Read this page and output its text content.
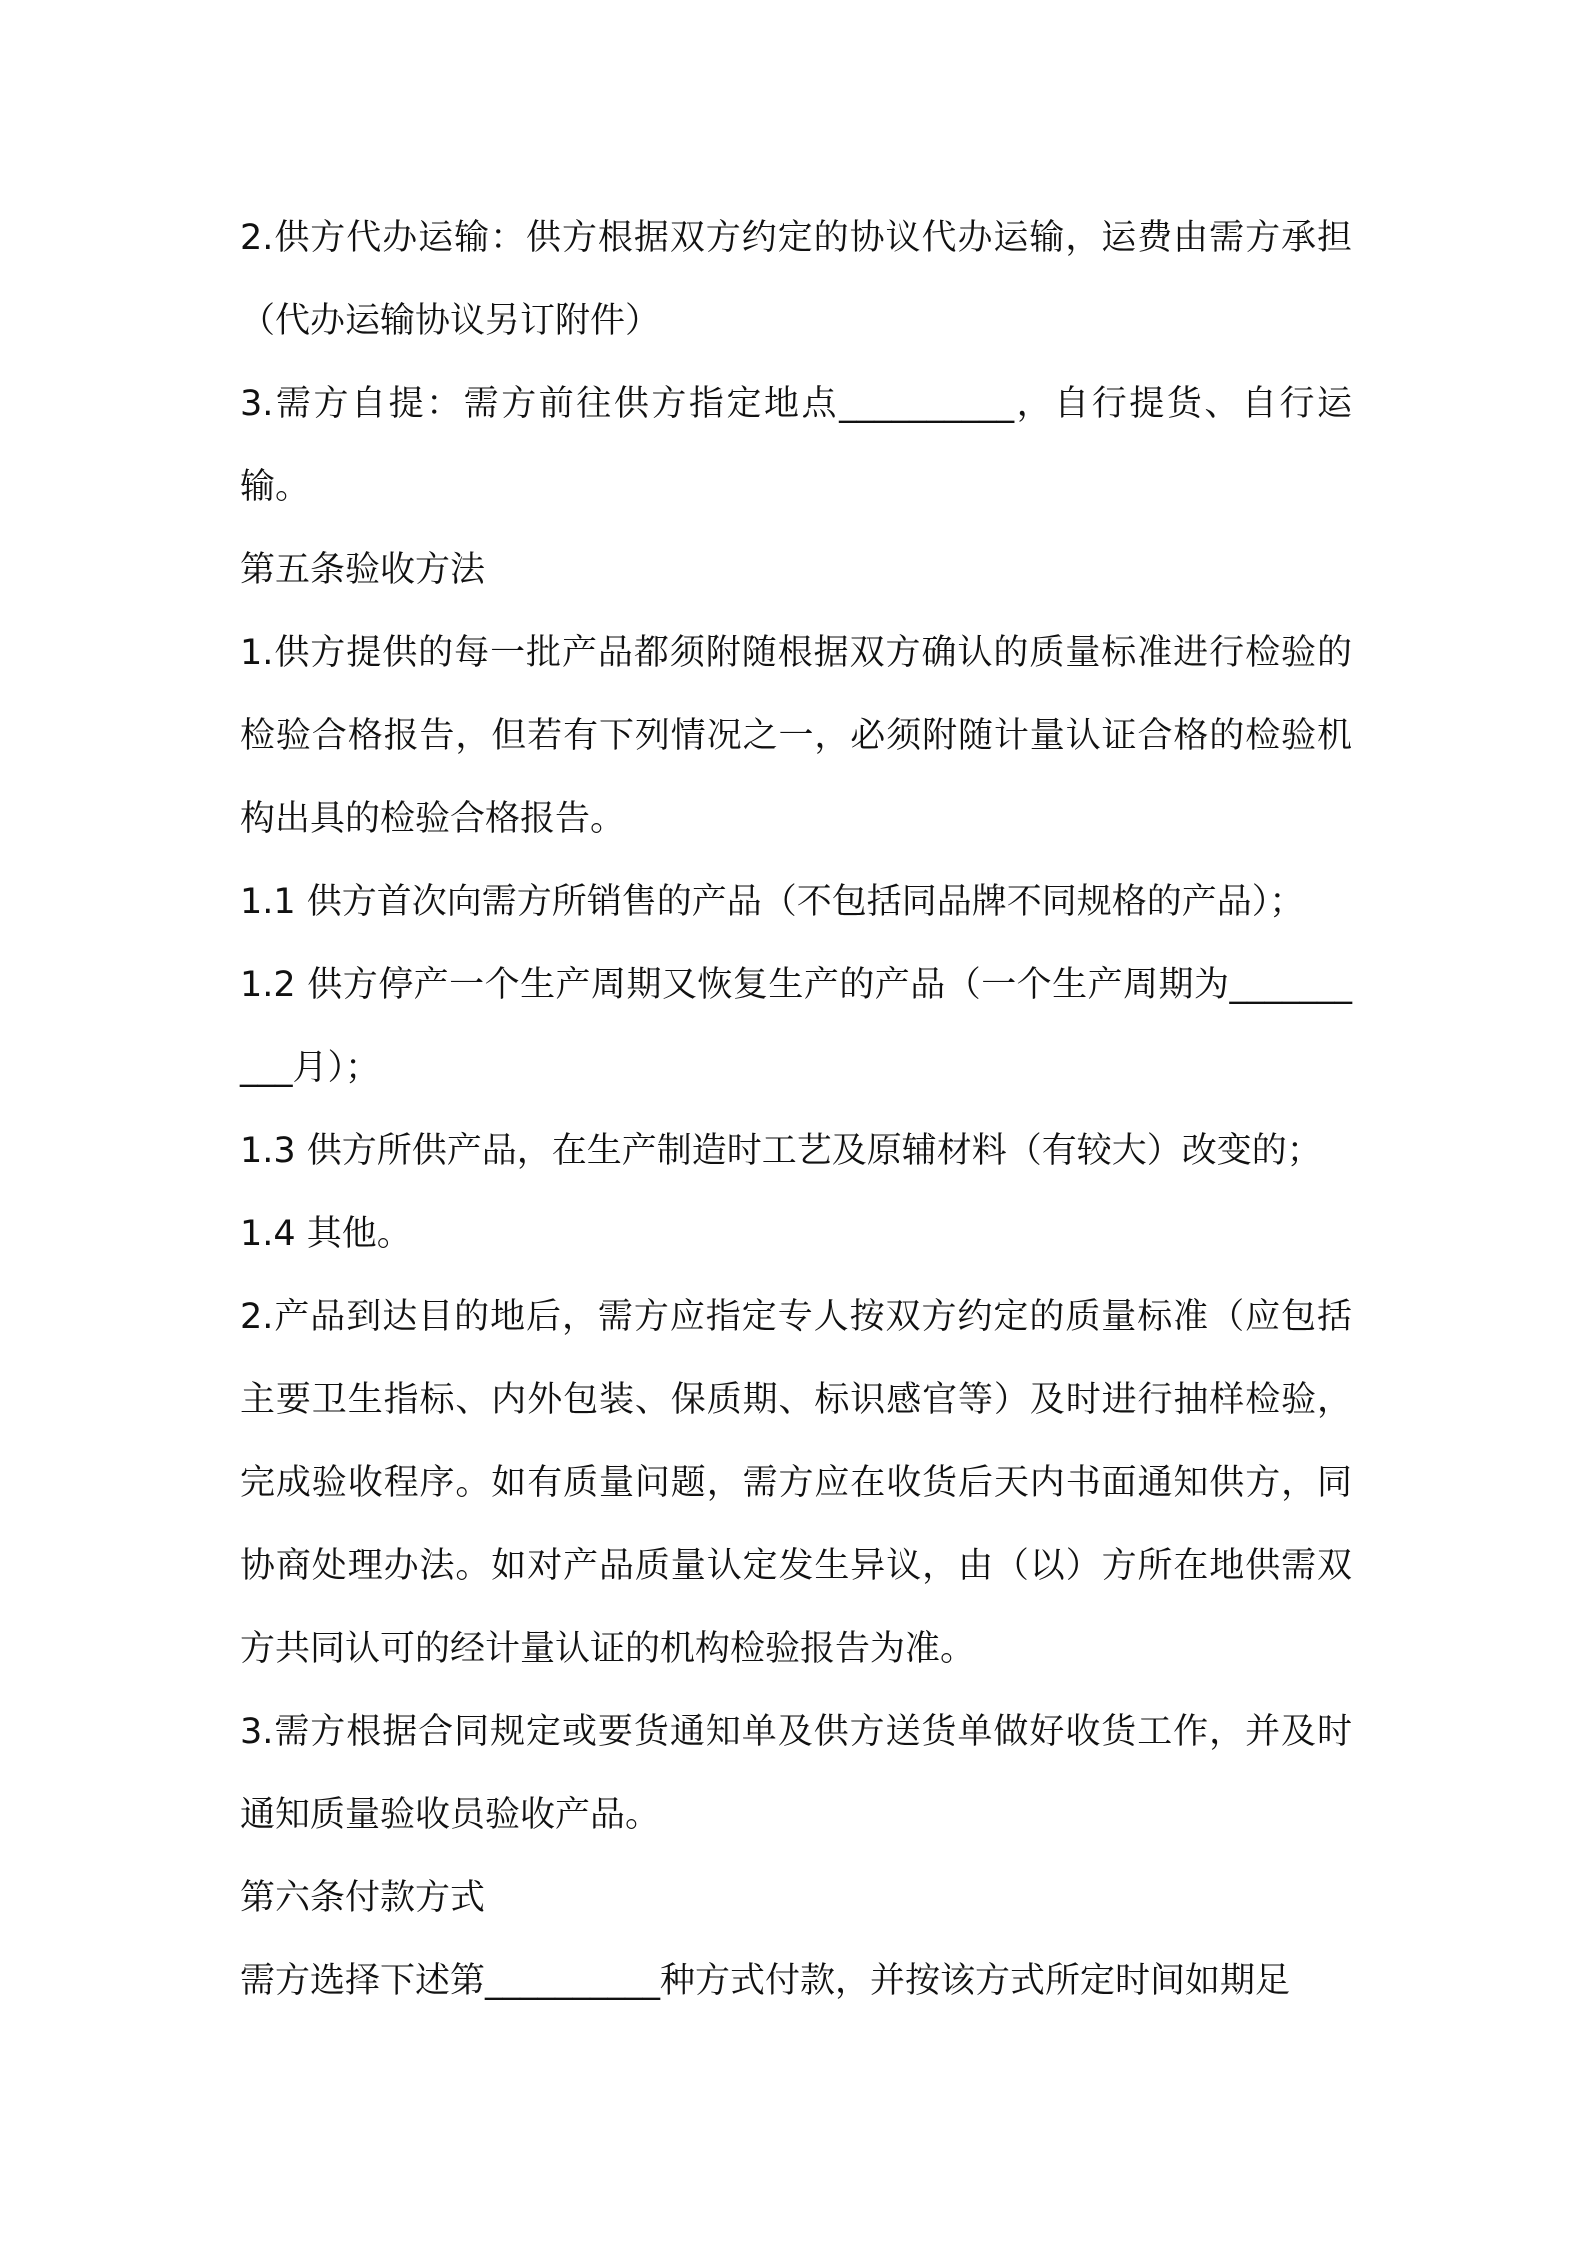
2.供方代办运输：供方根据双方约定的协议代办运输，运费由需方承担（代办运输协议另订附件）

3.需方自提：需方前往供方指定地点__________，自行提货、自行运输。

第五条验收方法

1.供方提供的每一批产品都须附随根据双方确认的质量标准进行检验的检验合格报告，但若有下列情况之一，必须附随计量认证合格的检验机构出具的检验合格报告。

1.1 供方首次向需方所销售的产品（不包括同品牌不同规格的产品）；

1.2 供方停产一个生产周期又恢复生产的产品（一个生产周期为__________月）；

1.3 供方所供产品，在生产制造时工艺及原辅材料（有较大）改变的；

1.4 其他。

2.产品到达目的地后，需方应指定专人按双方约定的质量标准（应包括主要卫生指标、内外包装、保质期、标识感官等）及时进行抽样检验，完成验收程序。如有质量问题，需方应在收货后天内书面通知供方，同协商处理办法。如对产品质量认定发生异议，由（以）方所在地供需双方共同认可的经计量认证的机构检验报告为准。

3.需方根据合同规定或要货通知单及供方送货单做好收货工作，并及时通知质量验收员验收产品。

第六条付款方式

需方选择下述第__________种方式付款，并按该方式所定时间如期足
